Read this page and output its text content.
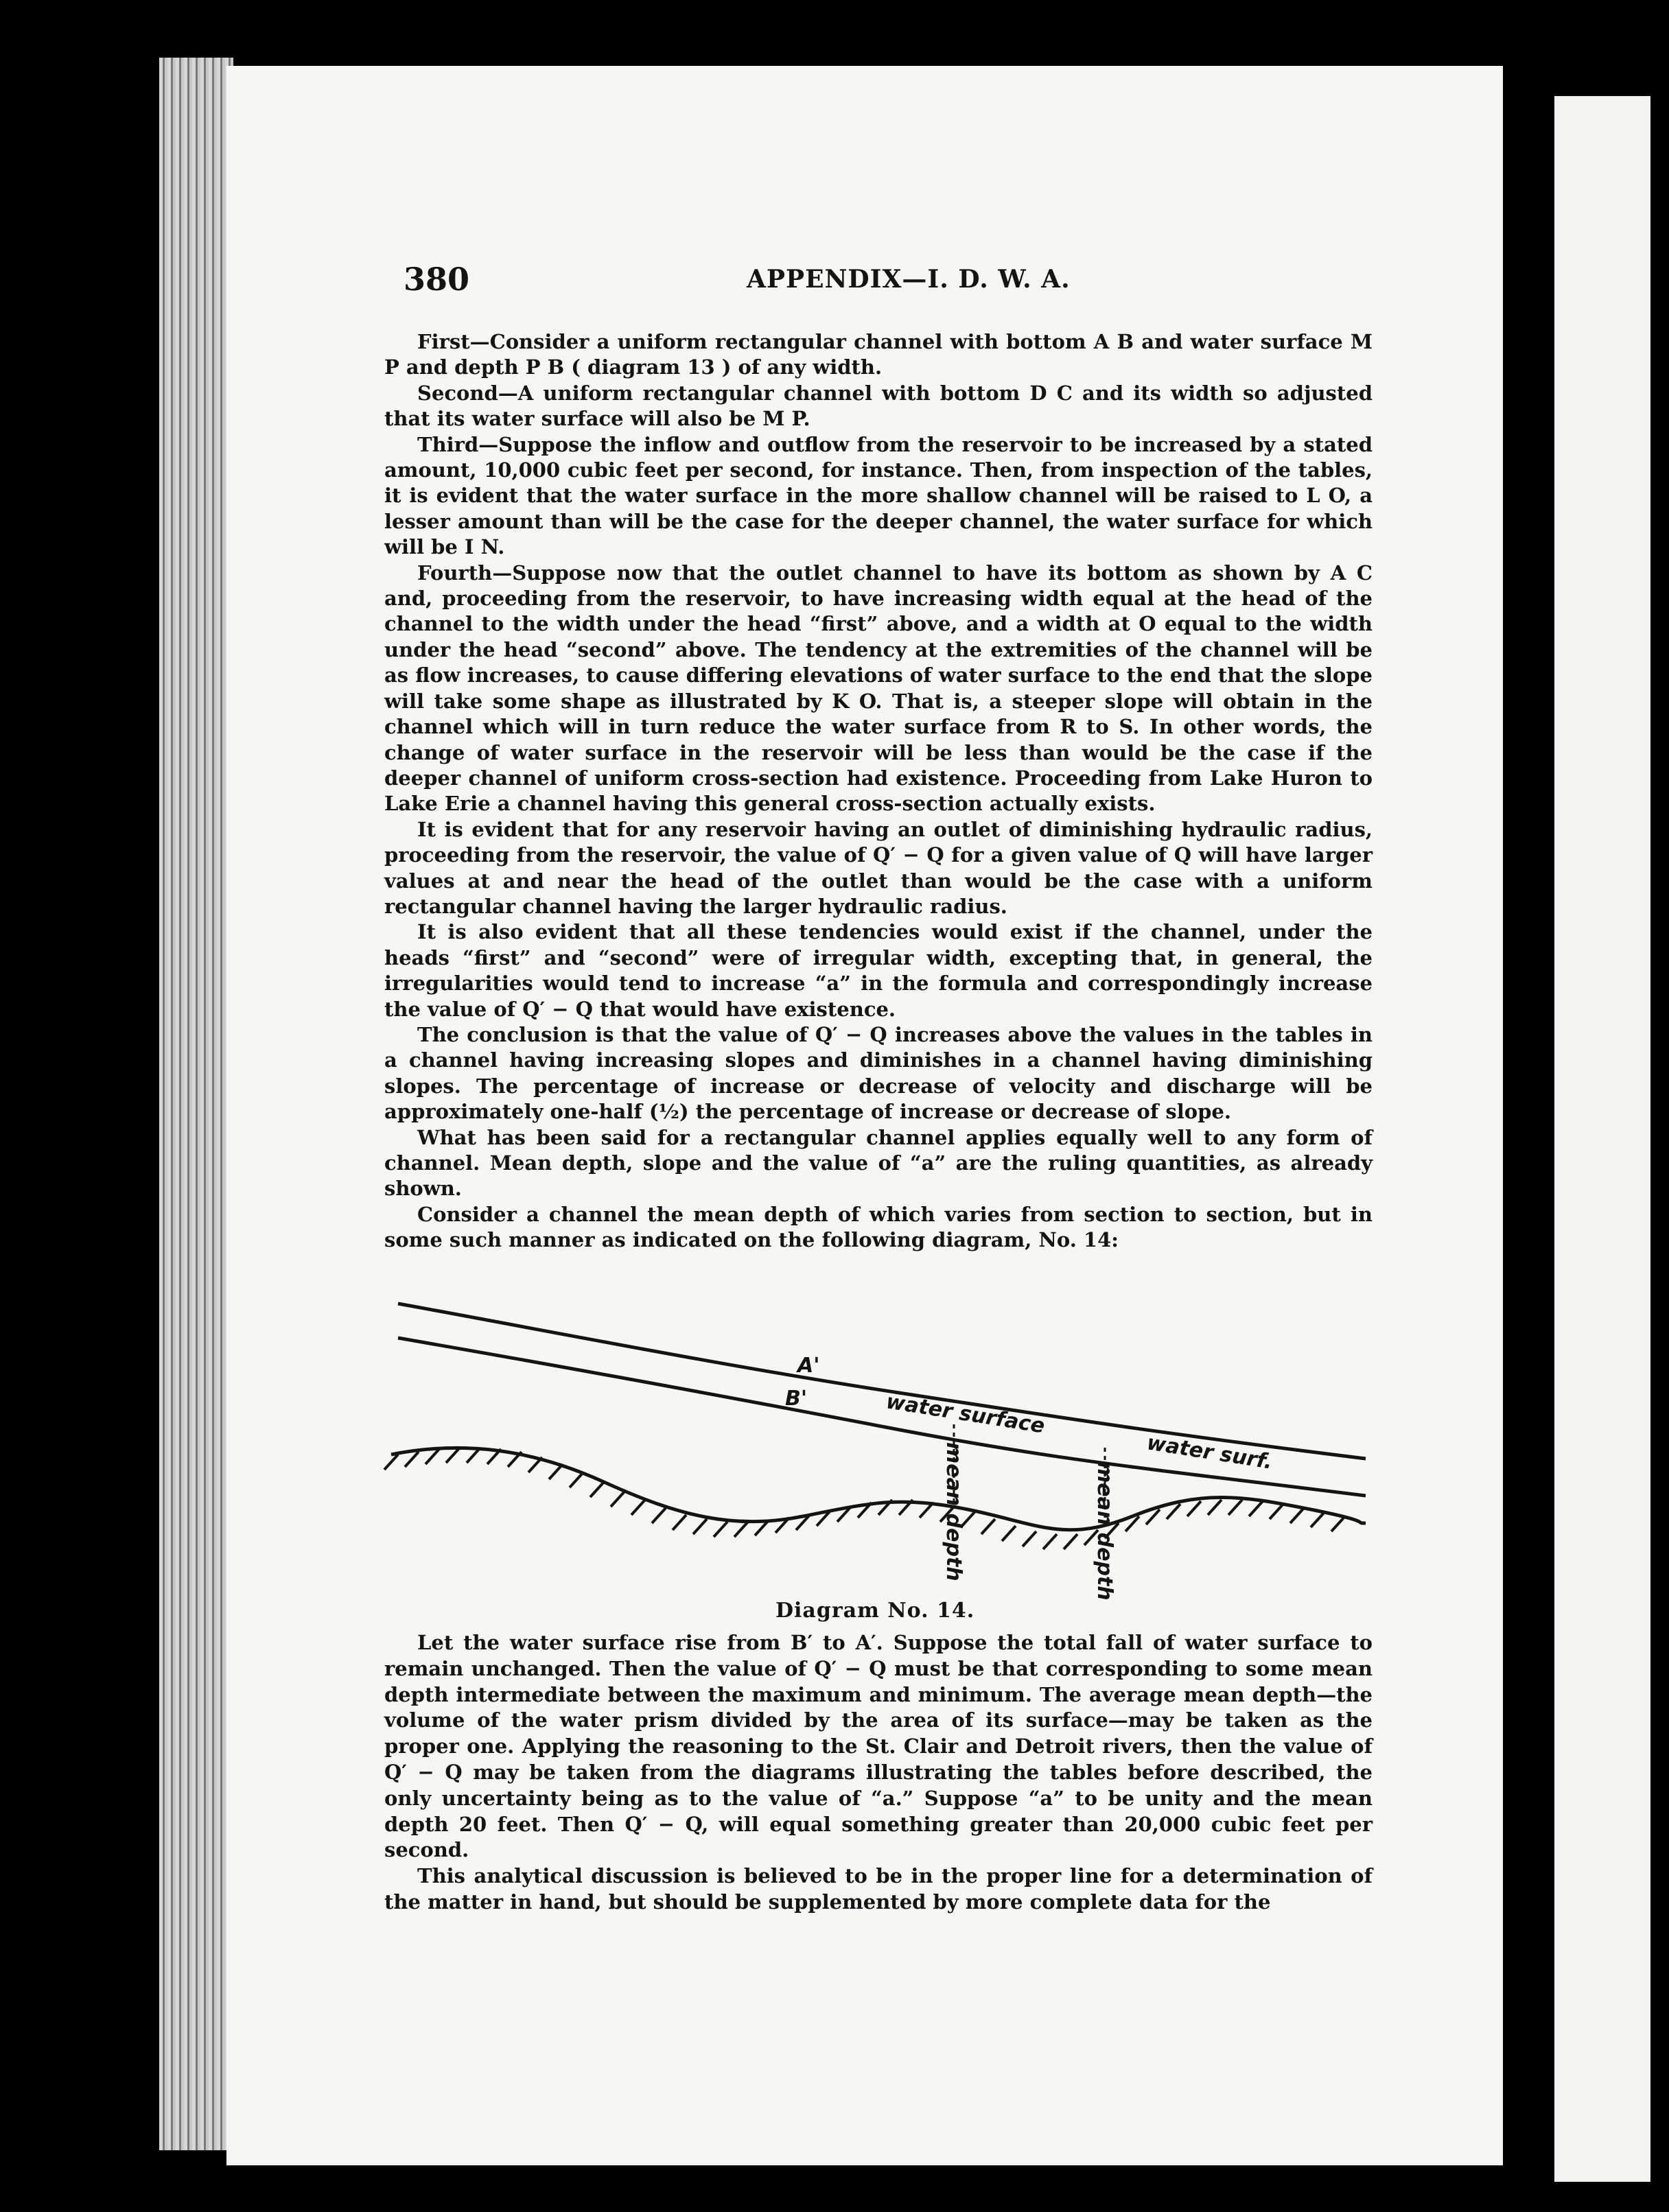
380	APPENDIX—I. D. W. A.

First—Consider a uniform rectangular channel with bottom A B and water surface M P and depth P B ( diagram 13 ) of any width.

Second—A uniform rectangular channel with bottom D C and its width so adjusted that its water surface will also be M P.

Third—Suppose the inflow and outflow from the reservoir to be increased by a stated amount, 10,000 cubic feet per second, for instance. Then, from inspection of the tables, it is evident that the water surface in the more shallow channel will be raised to L O, a lesser amount than will be the case for the deeper channel, the water surface for which will be I N.

Fourth—Suppose now that the outlet channel to have its bottom as shown by A C and, proceeding from the reservoir, to have increasing width equal at the head of the channel to the width under the head “first” above, and a width at O equal to the width under the head “second” above. The tendency at the extremities of the channel will be as flow increases, to cause differing elevations of water surface to the end that the slope will take some shape as illustrated by K O. That is, a steeper slope will obtain in the channel which will in turn reduce the water surface from R to S. In other words, the change of water surface in the reservoir will be less than would be the case if the deeper channel of uniform cross-section had existence. Proceeding from Lake Huron to Lake Erie a channel having this general cross-section actually exists.

It is evident that for any reservoir having an outlet of diminishing hydraulic radius, proceeding from the reservoir, the value of Q′ − Q for a given value of Q will have larger values at and near the head of the outlet than would be the case with a uniform rectangular channel having the larger hydraulic radius.

It is also evident that all these tendencies would exist if the channel, under the heads “first” and “second” were of irregular width, excepting that, in general, the irregularities would tend to increase “a” in the formula and correspondingly increase the value of Q′ − Q that would have existence.

The conclusion is that the value of Q′ − Q increases above the values in the tables in a channel having increasing slopes and diminishes in a channel having diminishing slopes. The percentage of increase or decrease of velocity and discharge will be approximately one-half (½) the percentage of increase or decrease of slope.

What has been said for a rectangular channel applies equally well to any form of channel. Mean depth, slope and the value of “a” are the ruling quantities, as already shown.

Consider a channel the mean depth of which varies from section to section, but in some such manner as indicated on the following diagram, No. 14:

A'
B'	water surface
water surf.
mean depth	mean depth
Diagram No. 14.

Let the water surface rise from B′ to A′. Suppose the total fall of water surface to remain unchanged. Then the value of Q′ − Q must be that corresponding to some mean depth intermediate between the maximum and minimum. The average mean depth—the volume of the water prism divided by the area of its surface—may be taken as the proper one. Applying the reasoning to the St. Clair and Detroit rivers, then the value of Q′ − Q may be taken from the diagrams illustrating the tables before described, the only uncertainty being as to the value of “a.” Suppose “a” to be unity and the mean depth 20 feet. Then Q′ − Q, will equal something greater than 20,000 cubic feet per second.

This analytical discussion is believed to be in the proper line for a determination of the matter in hand, but should be supplemented by more complete data for the
